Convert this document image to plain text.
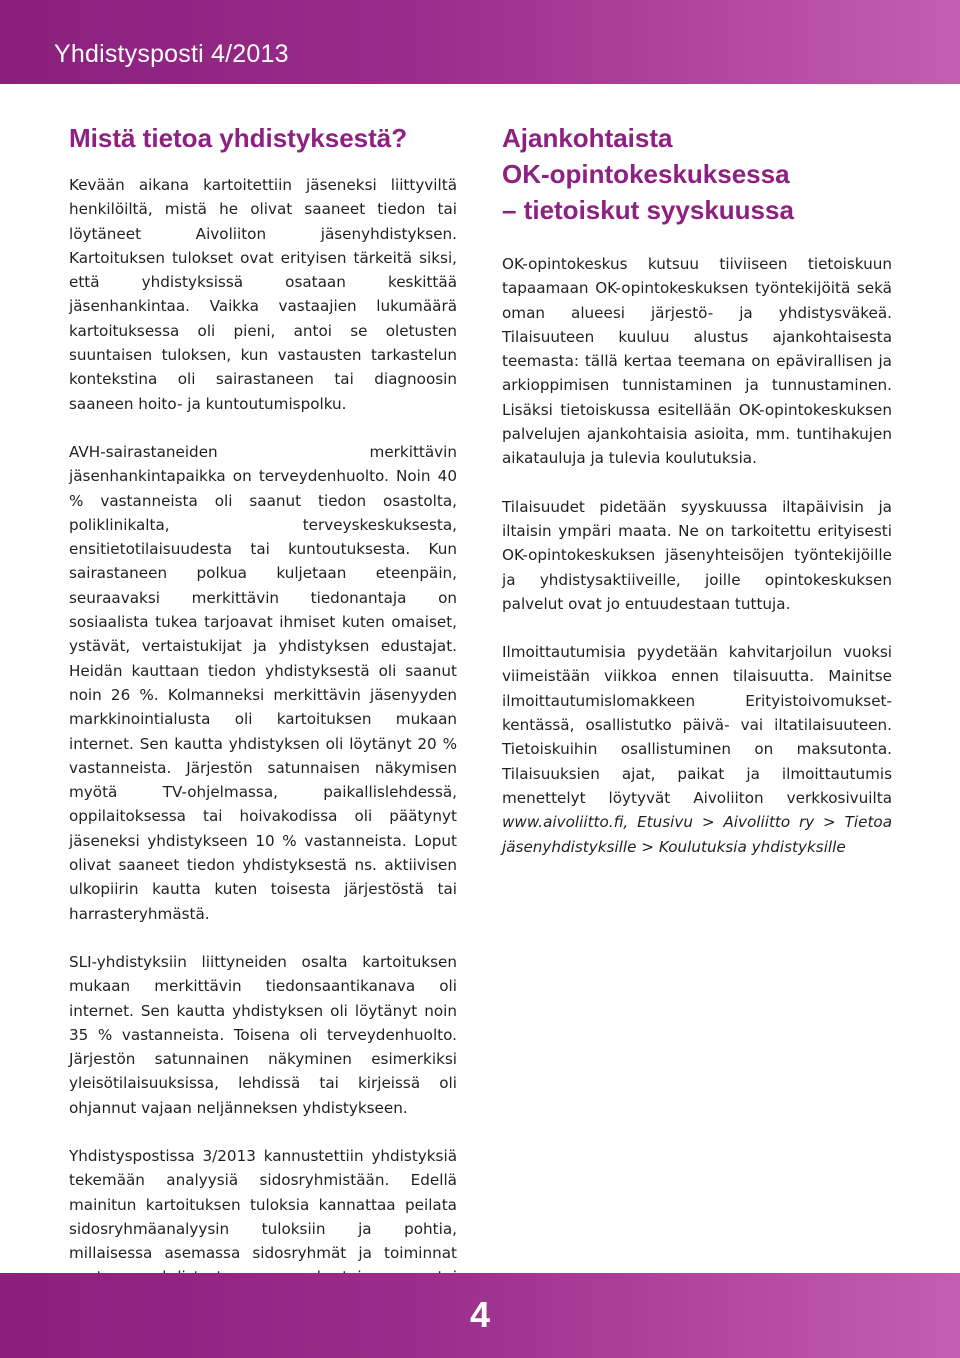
Yhdistysposti 4/2013
Mistä tietoa yhdistyksestä?

Kevään aikana kartoitettiin jäseneksi liittyviltä henkilöiltä, mistä he olivat saaneet tiedon tai löytäneet Aivoliiton jäsenyhdistyksen. Kartoituksen tulokset ovat erityisen tärkeitä siksi, että yhdistyksissä osataan keskittää jäsenhankintaa. Vaikka vastaajien lukumäärä kartoituksessa oli pieni, antoi se oletusten suuntaisen tuloksen, kun vastausten tarkastelun kontekstina oli sairastaneen tai diagnoosin saaneen hoito- ja kuntoutumispolku.

AVH-sairastaneiden merkittävin jäsenhankintapaikka on terveydenhuolto. Noin 40 % vastanneista oli saanut tiedon osastolta, poliklinikalta, terveyskeskuksesta, ensitietotilaisuudesta tai kuntoutuksesta. Kun sairastaneen polkua kuljetaan eteenpäin, seuraavaksi merkittävin tiedonantaja on sosiaalista tukea tarjoavat ihmiset kuten omaiset, ystävät, vertaistukijat ja yhdistyksen edustajat. Heidän kauttaan tiedon yhdistyksestä oli saanut noin 26 %. Kolmanneksi merkittävin jäsenyyden markkinointialusta oli kartoituksen mukaan internet. Sen kautta yhdistyksen oli löytänyt 20 % vastanneista. Järjestön satunnaisen näkymisen myötä TV-ohjelmassa, paikallislehdessä, oppilaitoksessa tai hoivakodissa oli päätynyt jäseneksi yhdistykseen 10 % vastanneista. Loput olivat saaneet tiedon yhdistyksestä ns. aktiivisen ulkopiirin kautta kuten toisesta järjestöstä tai harrasteryhmästä.

SLI-yhdistyksiin liittyneiden osalta kartoituksen mukaan merkittävin tiedonsaantikanava oli internet. Sen kautta yhdistyksen oli löytänyt noin 35 % vastanneista. Toisena oli terveydenhuolto. Järjestön satunnainen näkyminen esimerkiksi yleisötilaisuuksissa, lehdissä tai kirjeissä oli ohjannut vajaan neljänneksen yhdistykseen.

Yhdistyspostissa 3/2013 kannustettiin yhdistyksiä tekemään analyysiä sidosryhmistään. Edellä mainitun kartoituksen tuloksia kannattaa peilata sidosryhmäanalyysin tuloksiin ja pohtia, millaisessa asemassa sidosryhmät ja toiminnat

Ajankohtaista
OK-opintokeskuksessa
– tietoiskut syyskuussa

OK-opintokeskus kutsuu tiiviiseen tietoiskuun tapaamaan OK-opintokeskuksen työntekijöitä sekä oman alueesi järjestö- ja yhdistysväkeä. Tilaisuuteen kuuluu alustus ajankohtaisesta teemasta: tällä kertaa teemana on epävirallisen ja arkioppimisen tunnistaminen ja tunnustaminen. Lisäksi tietoiskussa esitellään OK-opintokeskuksen palvelujen ajankohtaisia asioita, mm. tuntihakujen aikatauluja ja tulevia koulutuksia.

Tilaisuudet pidetään syyskuussa iltapäivisin ja iltaisin ympäri maata. Ne on tarkoitettu erityisesti OK-opintokeskuksen jäsenyhteisöjen työntekijöille ja yhdistysaktiiveille, joille opintokeskuksen palvelut ovat jo entuudestaan tuttuja.

Ilmoittautumisia pyydetään kahvitarjoilun vuoksi viimeistään viikkoa ennen tilaisuutta. Mainitse ilmoittautumislomakkeen Erityistoivomukset-kentässä, osallistutko päivä- vai iltatilaisuuteen. Tietoiskuihin osallistuminen on maksutonta. Tilaisuuksien ajat, paikat ja ilmoittautumis menettelyt löytyvät Aivoliiton verkkosivuilta www.aivoliitto.fi, Etusivu > Aivoliitto ry > Tietoa jäsenyhdistyksille > Koulutuksia yhdistyksille

4
